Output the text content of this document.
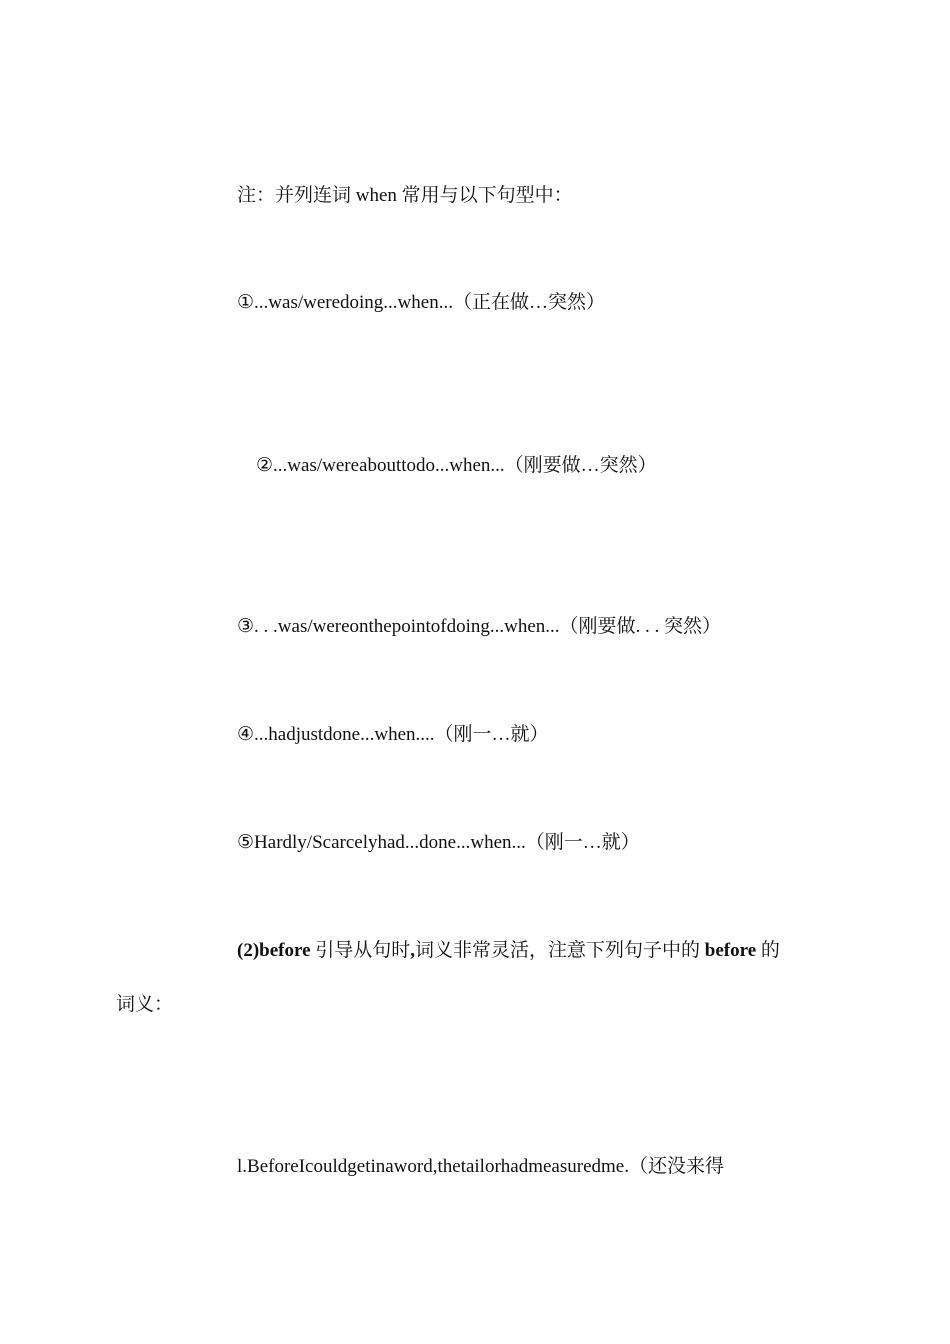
注：并列连词 when 常用与以下句型中：
①...was/weredoing...when...（正在做…突然）
②...was/wereabouttodo...when...（刚要做…突然）
③. . .was/wereonthepointofdoing...when...（刚要做. . . 突然）
④...hadjustdone...when....（刚一…就）
⑤Hardly/Scarcelyhad...done...when...（刚一…就）
(2)before 引导从句时,词义非常灵活，注意下列句子中的 before 的
词义：
l.BeforeIcouldgetinaword,thetailorhadmeasuredme.（还没来得
